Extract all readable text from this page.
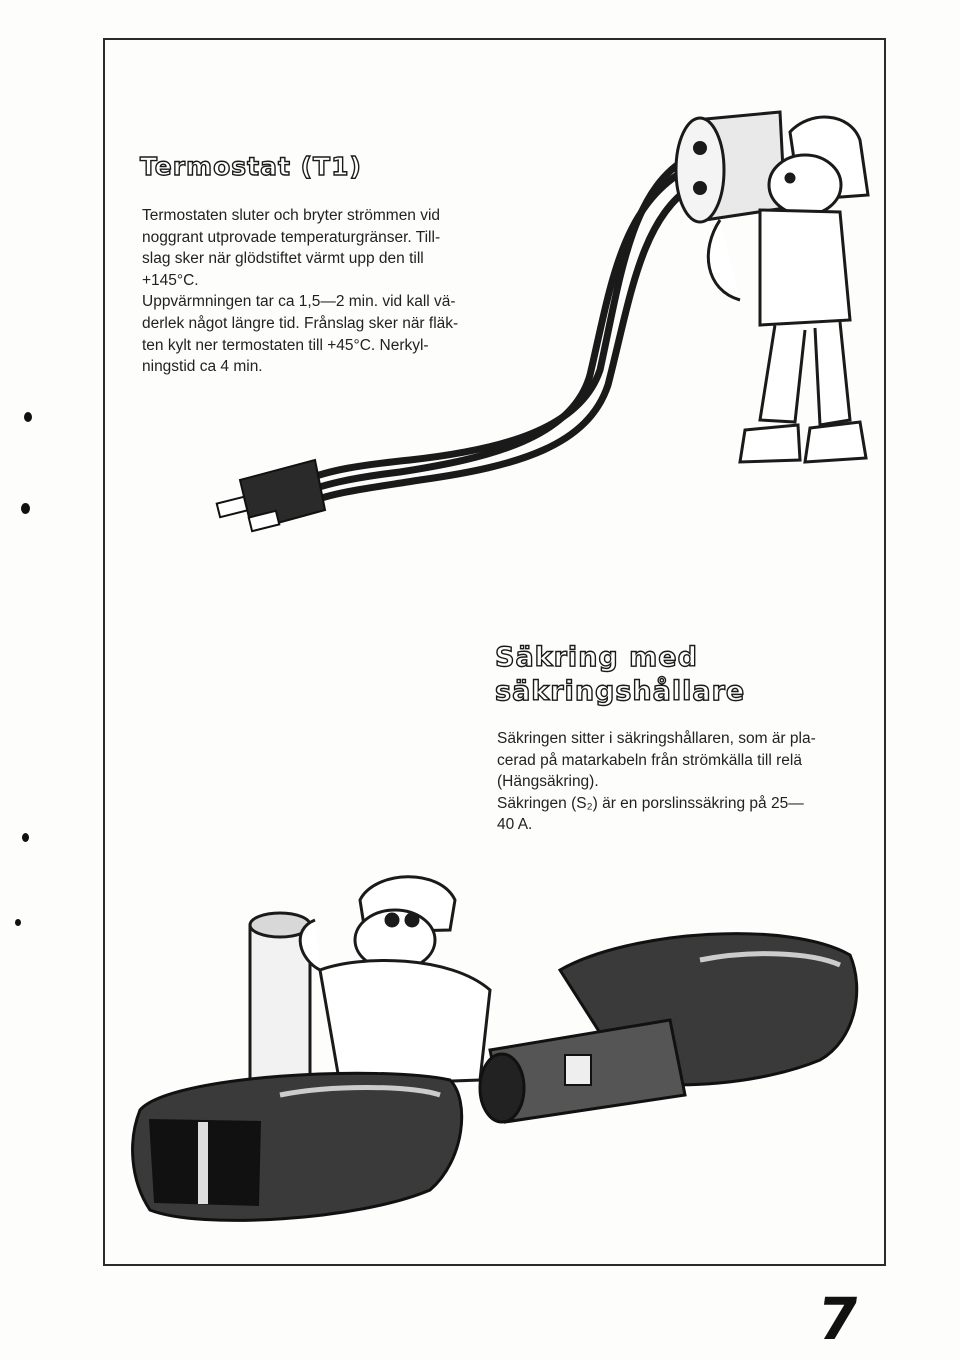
Termostat (T1)
Termostaten sluter och bryter strömmen vid
noggrant utprovade temperaturgränser. Till-
slag sker när glödstiftet värmt upp den till
+145°C.
Uppvärmningen tar ca 1,5—2 min. vid kall vä-
derlek något längre tid. Frånslag sker när fläk-
ten kylt ner termostaten till +45°C. Nerkyl-
ningstid ca 4 min.
Säkring med
säkringshållare
Säkringen sitter i säkringshållaren, som är pla-
cerad på matarkabeln från strömkälla till relä
(Hängsäkring).
Säkringen (S₂) är en porslinssäkring på 25—
40 A.
7
